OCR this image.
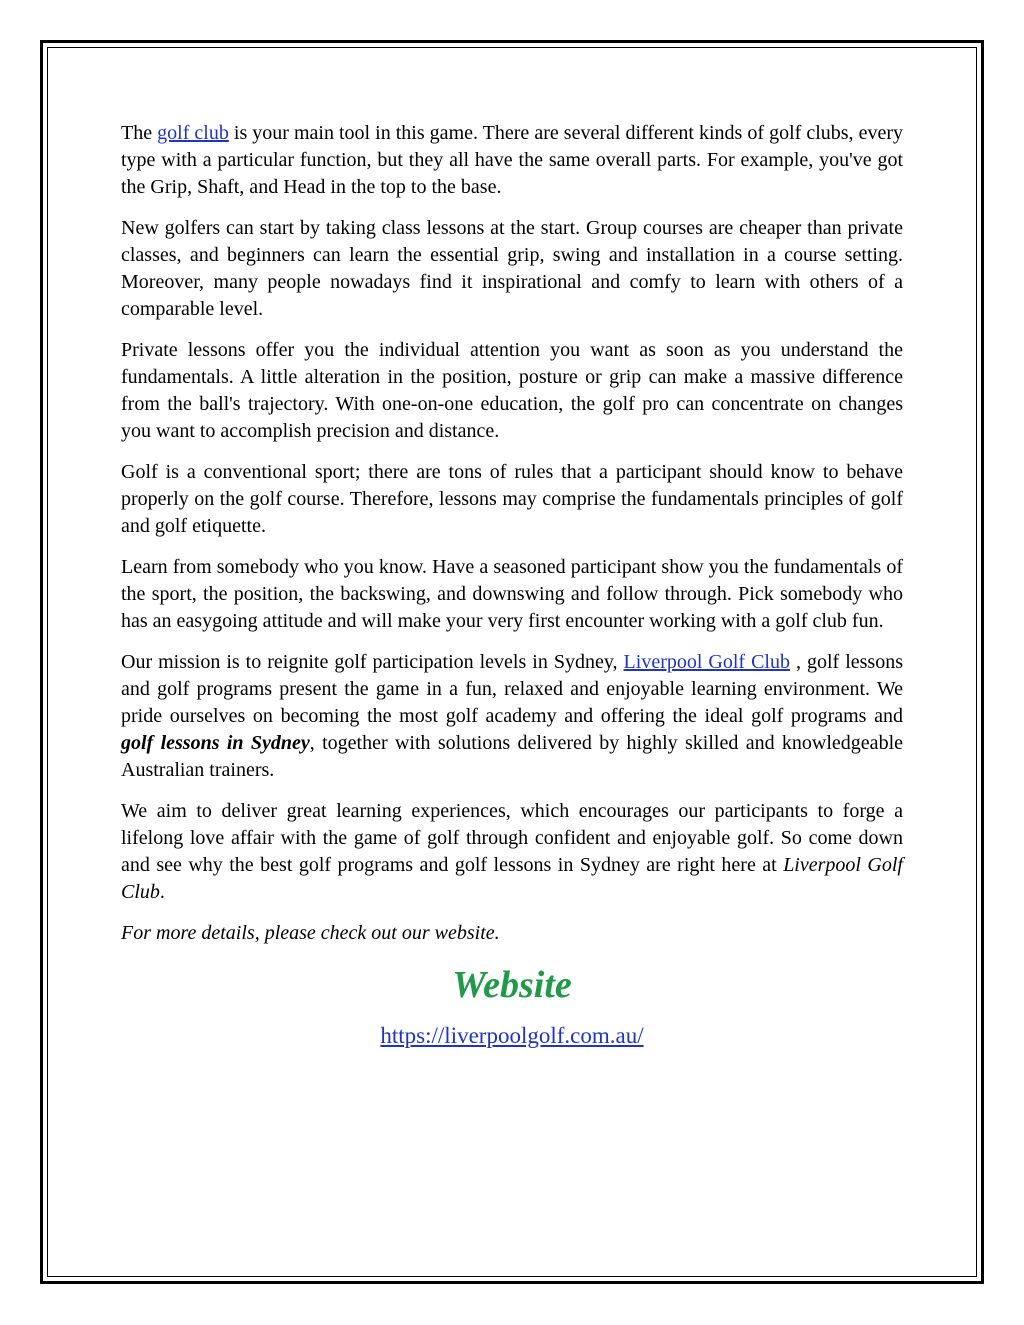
The golf club is your main tool in this game. There are several different kinds of golf clubs, every type with a particular function, but they all have the same overall parts. For example, you've got the Grip, Shaft, and Head in the top to the base.

New golfers can start by taking class lessons at the start. Group courses are cheaper than private classes, and beginners can learn the essential grip, swing and installation in a course setting. Moreover, many people nowadays find it inspirational and comfy to learn with others of a comparable level.

Private lessons offer you the individual attention you want as soon as you understand the fundamentals. A little alteration in the position, posture or grip can make a massive difference from the ball's trajectory. With one-on-one education, the golf pro can concentrate on changes you want to accomplish precision and distance.

Golf is a conventional sport; there are tons of rules that a participant should know to behave properly on the golf course. Therefore, lessons may comprise the fundamentals principles of golf and golf etiquette.

Learn from somebody who you know. Have a seasoned participant show you the fundamentals of the sport, the position, the backswing, and downswing and follow through. Pick somebody who has an easygoing attitude and will make your very first encounter working with a golf club fun.

Our mission is to reignite golf participation levels in Sydney, Liverpool Golf Club , golf lessons and golf programs present the game in a fun, relaxed and enjoyable learning environment. We pride ourselves on becoming the most golf academy and offering the ideal golf programs and golf lessons in Sydney, together with solutions delivered by highly skilled and knowledgeable Australian trainers.

We aim to deliver great learning experiences, which encourages our participants to forge a lifelong love affair with the game of golf through confident and enjoyable golf. So come down and see why the best golf programs and golf lessons in Sydney are right here at Liverpool Golf Club.

For more details, please check out our website.

Website
https://liverpoolgolf.com.au/
